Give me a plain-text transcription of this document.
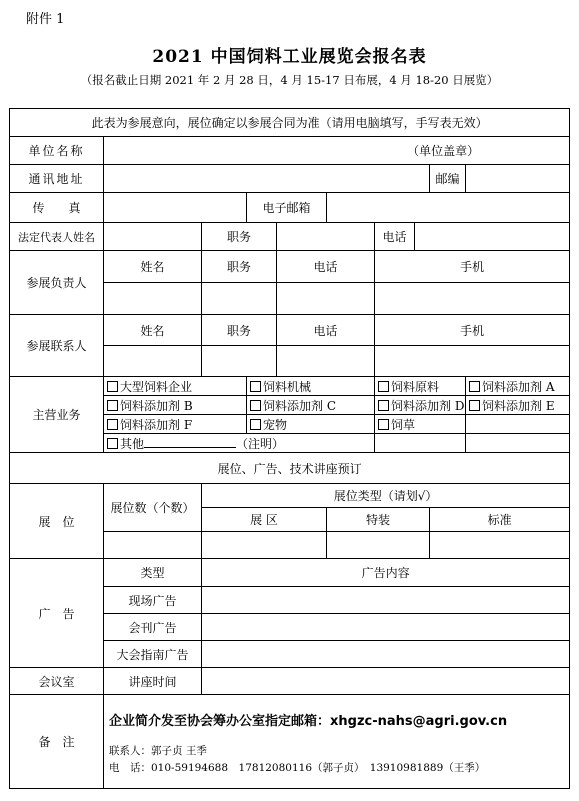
附件 1
2021 中国饲料工业展览会报名表
（报名截止日期 2021 年 2 月 28 日，4 月 15-17 日布展，4 月 18-20 日展览）
此表为参展意向，展位确定以参展合同为准（请用电脑填写，手写表无效）									
单位名称	（单位盖章）								
通讯地址								邮编	
传　　真			电子邮箱						
法定代表人姓名		职务				电话			
参展负责人	姓名	职务		电话		手机			

参展联系人	姓名	职务		电话		手机			

主营业务	大型饲料企业		饲料机械			饲料原料			饲料添加剂 A
	饲料添加剂 B		饲料添加剂 C			饲料添加剂 D			饲料添加剂 E
	饲料添加剂 F		宠物			饲草			
	其他 （注明）								
展位、广告、技术讲座预订									
展　位	展位数（个数）	展位类型（请划√）							
		展 区			特装			标准	

广　告	类型	广告内容							
	现场广告								
	会刊广告								
	大会指南广告								
会议室	讲座时间								
备　注	企业简介发至协会筹办公室指定邮箱：xhgzc-nahs@agri.gov.cn
联系人：郭子贞 王季
电　话：010-59194688　17812080116（郭子贞）　13910981889（王季）								
